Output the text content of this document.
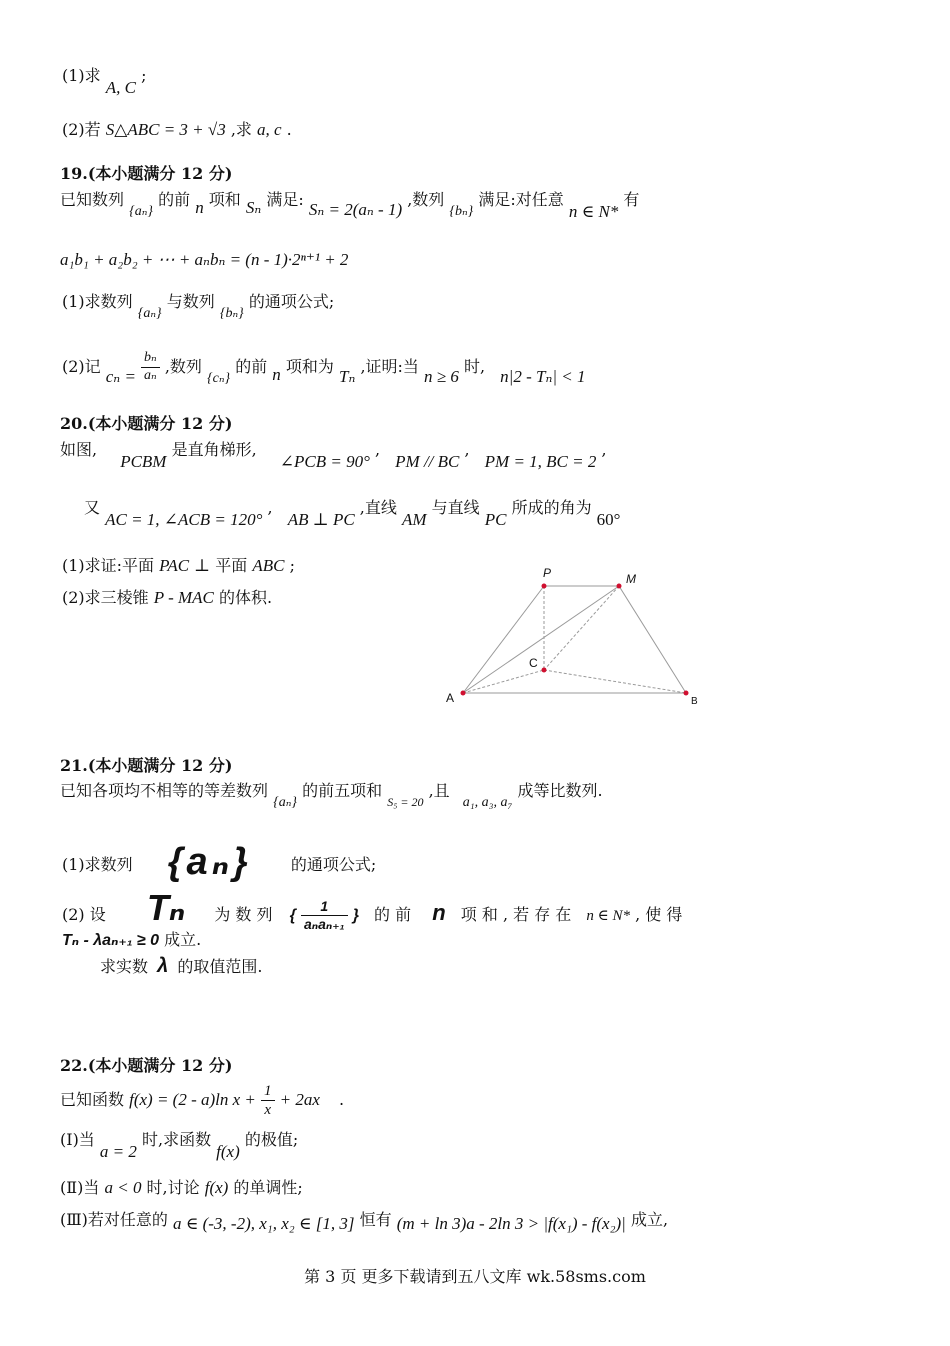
(1)求 A, C ;
(2)若 S△ABC = 3 + √3 ,求 a, c .
19.(本小题满分 12 分)
已知数列 {aₙ} 的前 n 项和 Sₙ 满足: Sₙ = 2(aₙ - 1) ,数列 {bₙ} 满足:对任意 n ∈ N* 有
a₁b₁ + a₂b₂ + ⋯ + aₙbₙ = (n - 1)·2ⁿ⁺¹ + 2
(1)求数列 {aₙ} 与数列 {bₙ} 的通项公式;
(2)记 $c_n = \frac{\text{bₙ}}{\text{aₙ}}$ ,数列 {cₙ} 的前 n 项和为 Tₙ ,证明:当 n ≥ 6 时, n|2 - Tₙ| < 1
20.(本小题满分 12 分)
如图, PCBM 是直角梯形, ∠PCB = 90° , PM // BC , PM = 1, BC = 2 ,
又 AC = 1, ∠ACB = 120° , AB ⊥ PC ,直线 AM 与直线 PC 所成的角为 60°
(1)求证:平面 PAC ⊥ 平面 ABC ;
(2)求三棱锥 P - MAC 的体积.
P	M
C
A	B
21.(本小题满分 12 分)
已知各项均不相等的等差数列 {aₙ} 的前五项和 $_{S_5 = 20}$ ,且 a₁, a₃, a₇ 成等比数列.
(1)求数列 {aₙ} 的通项公式;
(2) 设 Tₙ 为 数 列 { $\frac{1}{\text{aₙaₙ₊₁}}$ } 的 前 n 项 和 , 若 存 在 n ∈ N* , 使 得
Tₙ - λaₙ₊₁ ≥ 0 成立.
求实数 λ 的取值范围.
22.(本小题满分 12 分)
已知函数 f(x) = (2 - a)ln $x + \frac{1}{x} + 2ax$ .
(Ⅰ)当 a = 2 时,求函数 f(x) 的极值;
(Ⅱ)当 a < 0 时,讨论 f(x) 的单调性;
(Ⅲ)若对任意的 a ∈ (-3, -2), x₁, x₂ ∈ [1, 3] 恒有 (m + ln 3)a - 2ln 3 > |f(x₁) - f(x₂)| 成立,
第 3 页 更多下载请到五八文库 wk.58sms.com
